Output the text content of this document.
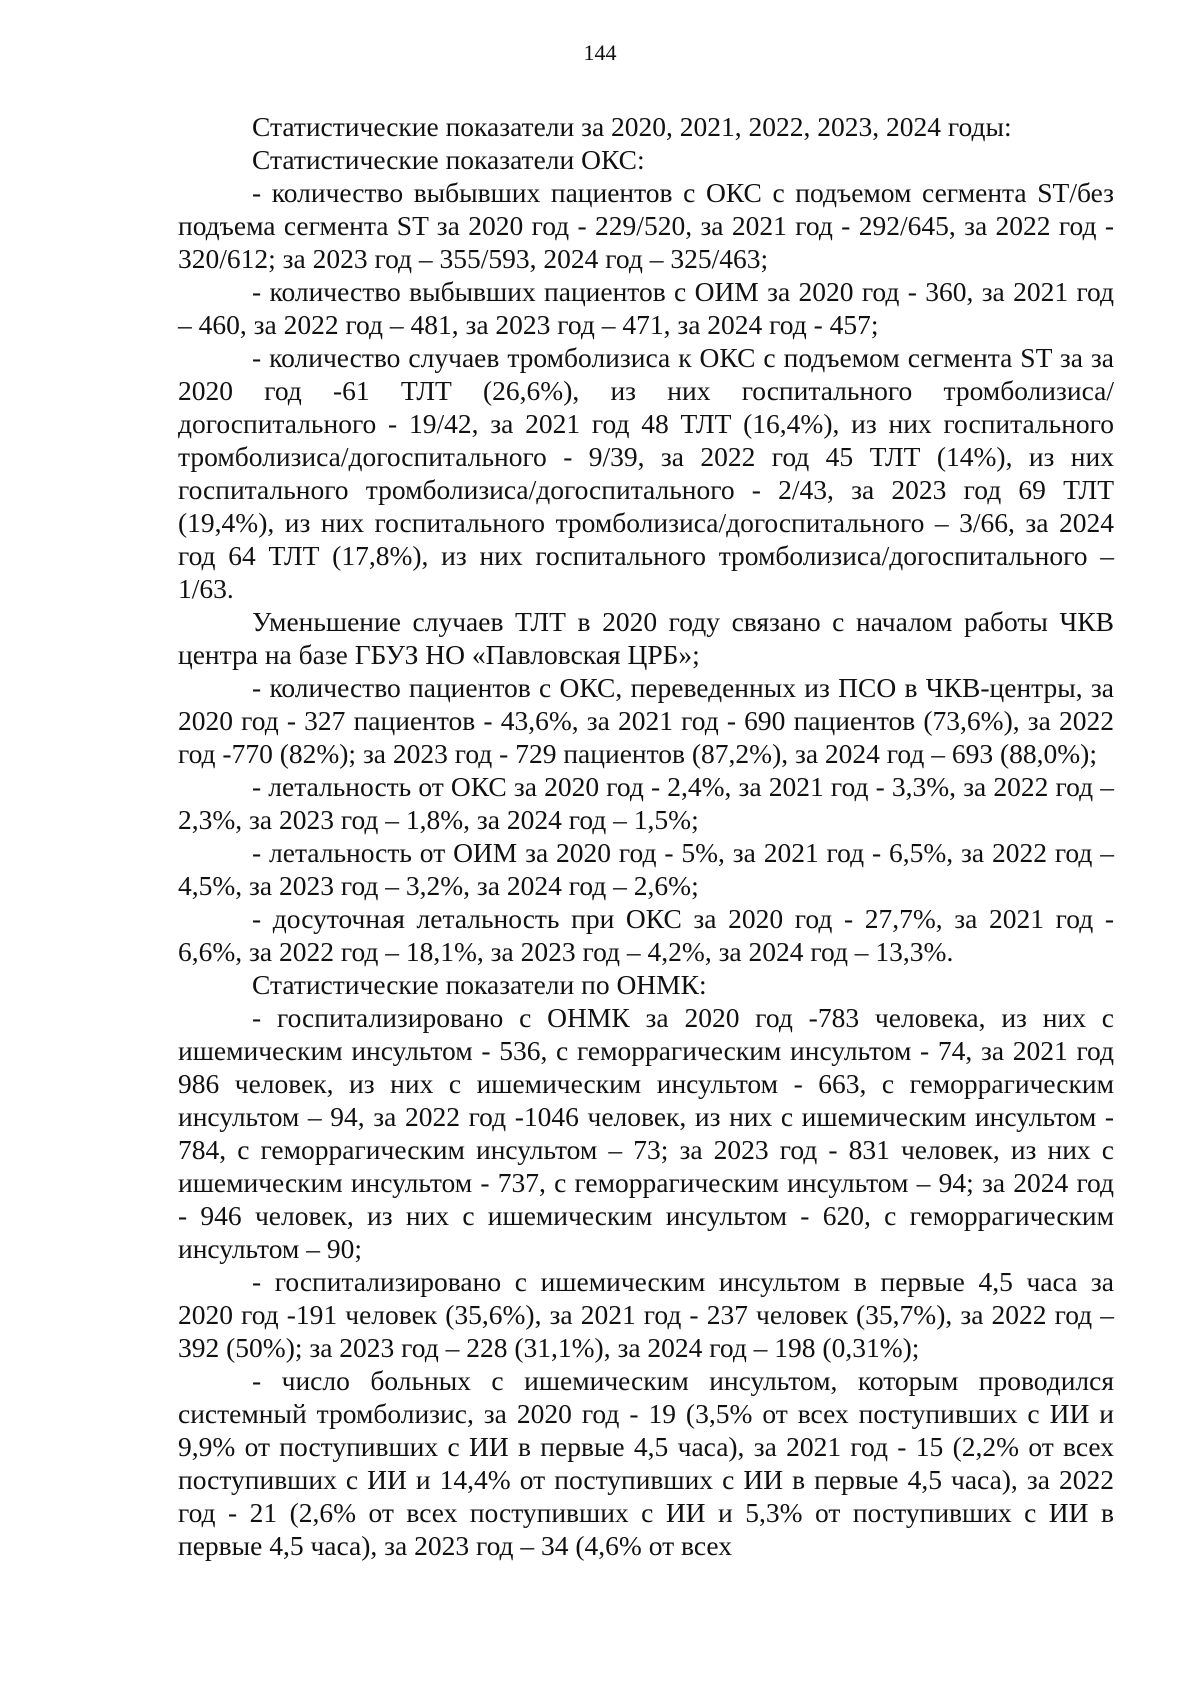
144

Статистические показатели за 2020, 2021, 2022, 2023, 2024 годы:

Статистические показатели ОКС:

- количество выбывших пациентов с ОКС с подъемом сегмента ST/без подъема сегмента ST за 2020 год - 229/520, за 2021 год - 292/645, за 2022 год - 320/612; за 2023 год – 355/593, 2024 год – 325/463;

- количество выбывших пациентов с ОИМ за 2020 год - 360, за 2021 год – 460, за 2022 год – 481, за 2023 год – 471, за 2024 год - 457;

- количество случаев тромболизиса к ОКС с подъемом сегмента ST за за 2020 год -61 ТЛТ (26,6%), из них госпитального тромболизиса/догоспитального - 19/42, за 2021 год 48 ТЛТ (16,4%), из них госпитального тромболизиса/догоспитального - 9/39, за 2022 год 45 ТЛТ (14%), из них госпитального тромболизиса/догоспитального - 2/43, за 2023 год 69 ТЛТ (19,4%), из них госпитального тромболизиса/догоспитального – 3/66, за 2024 год 64 ТЛТ (17,8%), из них госпитального тромболизиса/догоспитального – 1/63.

Уменьшение случаев ТЛТ в 2020 году связано с началом работы ЧКВ центра на базе ГБУЗ НО «Павловская ЦРБ»;

- количество пациентов с ОКС, переведенных из ПСО в ЧКВ-центры, за 2020 год - 327 пациентов - 43,6%, за 2021 год - 690 пациентов (73,6%), за 2022 год -770 (82%); за 2023 год - 729 пациентов (87,2%), за 2024 год – 693 (88,0%);

- летальность от ОКС за 2020 год - 2,4%, за 2021 год - 3,3%, за 2022 год – 2,3%, за 2023 год – 1,8%, за 2024 год – 1,5%;

- летальность от ОИМ за 2020 год - 5%, за 2021 год - 6,5%, за 2022 год – 4,5%, за 2023 год – 3,2%, за 2024 год – 2,6%;

- досуточная летальность при ОКС за 2020 год - 27,7%, за 2021 год - 6,6%, за 2022 год – 18,1%, за 2023 год – 4,2%, за 2024 год – 13,3%.

Статистические показатели по ОНМК:

- госпитализировано с ОНМК за 2020 год -783 человека, из них с ишемическим инсультом - 536, с геморрагическим инсультом - 74, за 2021 год 986 человек, из них с ишемическим инсультом - 663, с геморрагическим инсультом – 94, за 2022 год -1046 человек, из них с ишемическим инсультом - 784, с геморрагическим инсультом – 73; за 2023 год - 831 человек, из них с ишемическим инсультом - 737, с геморрагическим инсультом – 94; за 2024 год - 946 человек, из них с ишемическим инсультом - 620, с геморрагическим инсультом – 90;

- госпитализировано с ишемическим инсультом в первые 4,5 часа за 2020 год -191 человек (35,6%), за 2021 год - 237 человек (35,7%), за 2022 год – 392 (50%); за 2023 год – 228 (31,1%), за 2024 год – 198 (0,31%);

- число больных с ишемическим инсультом, которым проводился системный тромболизис, за 2020 год - 19 (3,5% от всех поступивших с ИИ и 9,9% от поступивших с ИИ в первые 4,5 часа), за 2021 год - 15 (2,2% от всех поступивших с ИИ и 14,4% от поступивших с ИИ в первые 4,5 часа), за 2022 год - 21 (2,6% от всех поступивших с ИИ и 5,3% от поступивших с ИИ в первые 4,5 часа), за 2023 год – 34 (4,6% от всех
